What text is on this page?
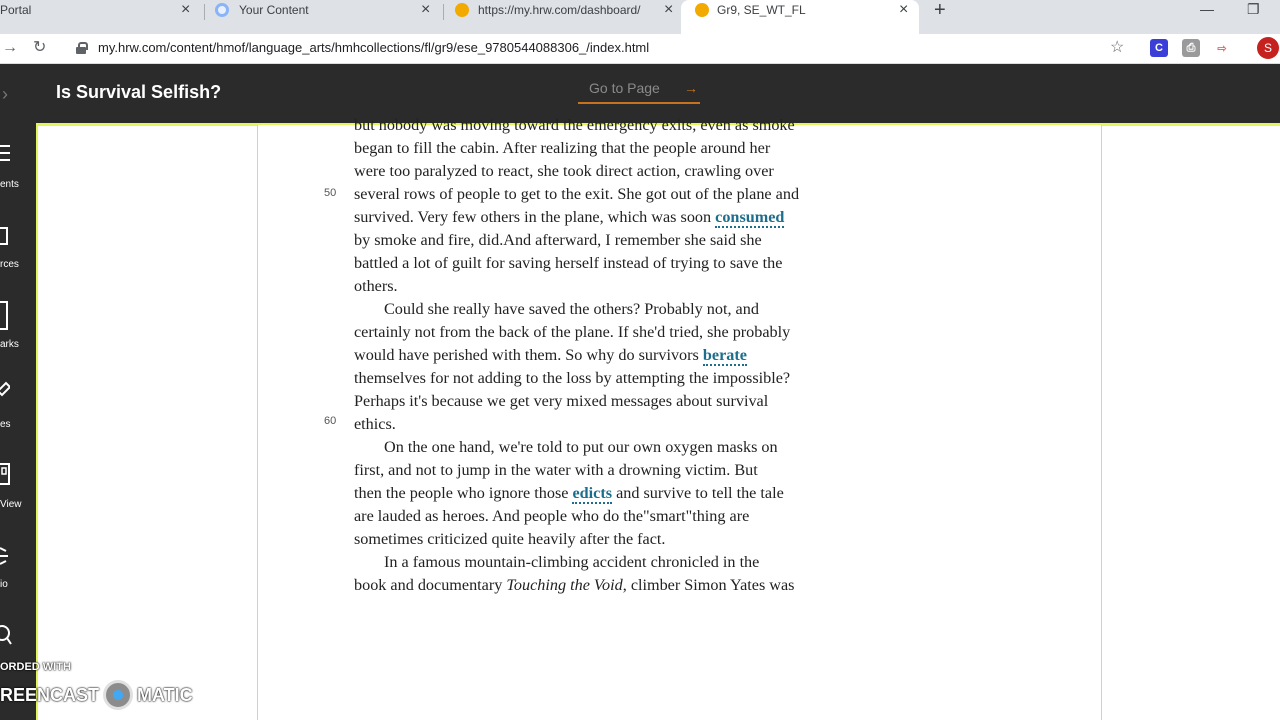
Portal	×	Your Content	×	https://my.hrw.com/dashboard/	×	Gr9, SE_WT_FL	× +	— ❐
→ ↻	my.hrw.com/content/hmof/language_arts/hmhcollections/fl/gr9/ese_9780544088306_/index.html	☆	C	⎙	⇨	S
›	Is Survival Selfish?	Go to Page →
ents
rces
arks
es
View
io
50
60
but nobody was moving toward the emergency exits, even as smoke
began to fill the cabin. After realizing that the people around her
were too paralyzed to react, she took direct action, crawling over
several rows of people to get to the exit. She got out of the plane and
survived. Very few others in the plane, which was soon consumed
by smoke and fire, did.And afterward, I remember she said she
battled a lot of guilt for saving herself instead of trying to save the
others.
Could she really have saved the others? Probably not, and
certainly not from the back of the plane. If she'd tried, she probably
would have perished with them. So why do survivors berate
themselves for not adding to the loss by attempting the impossible?
Perhaps it's because we get very mixed messages about survival
ethics.
On the one hand, we're told to put our own oxygen masks on
first, and not to jump in the water with a drowning victim. But
then the people who ignore those edicts and survive to tell the tale
are lauded as heroes. And people who do the"smart"thing are
sometimes criticized quite heavily after the fact.
In a famous mountain-climbing accident chronicled in the
book and documentary Touching the Void, climber Simon Yates was
ORDED WITH
REENCAST MATIC
